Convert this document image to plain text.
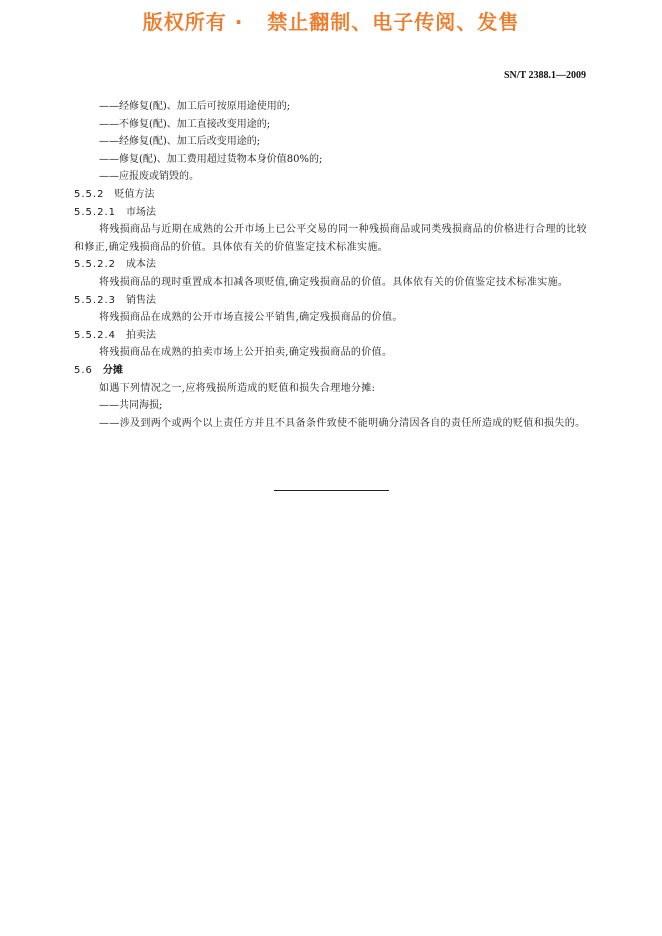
版权所有 ·   禁止翻制、电子传阅、发售
SN/T 2388.1—2009
——经修复(配)、加工后可按原用途使用的;
——不修复(配)、加工直接改变用途的;
——经修复(配)、加工后改变用途的;
——修复(配)、加工费用超过货物本身价值80%的;
——应报废或销毁的。
5.5.2 贬值方法
5.5.2.1 市场法
将残损商品与近期在成熟的公开市场上已公平交易的同一种残损商品或同类残损商品的价格进行合理的比较和修正,确定残损商品的价值。具体依有关的价值鉴定技术标准实施。
5.5.2.2 成本法
将残损商品的现时重置成本扣减各项贬值,确定残损商品的价值。具体依有关的价值鉴定技术标准实施。
5.5.2.3 销售法
将残损商品在成熟的公开市场直接公平销售,确定残损商品的价值。
5.5.2.4 拍卖法
将残损商品在成熟的拍卖市场上公开拍卖,确定残损商品的价值。
5.6 分摊
如遇下列情况之一,应将残损所造成的贬值和损失合理地分摊:
——共同海损;
——涉及到两个或两个以上责任方并且不具备条件致使不能明确分清因各自的责任所造成的贬值和损失的。
